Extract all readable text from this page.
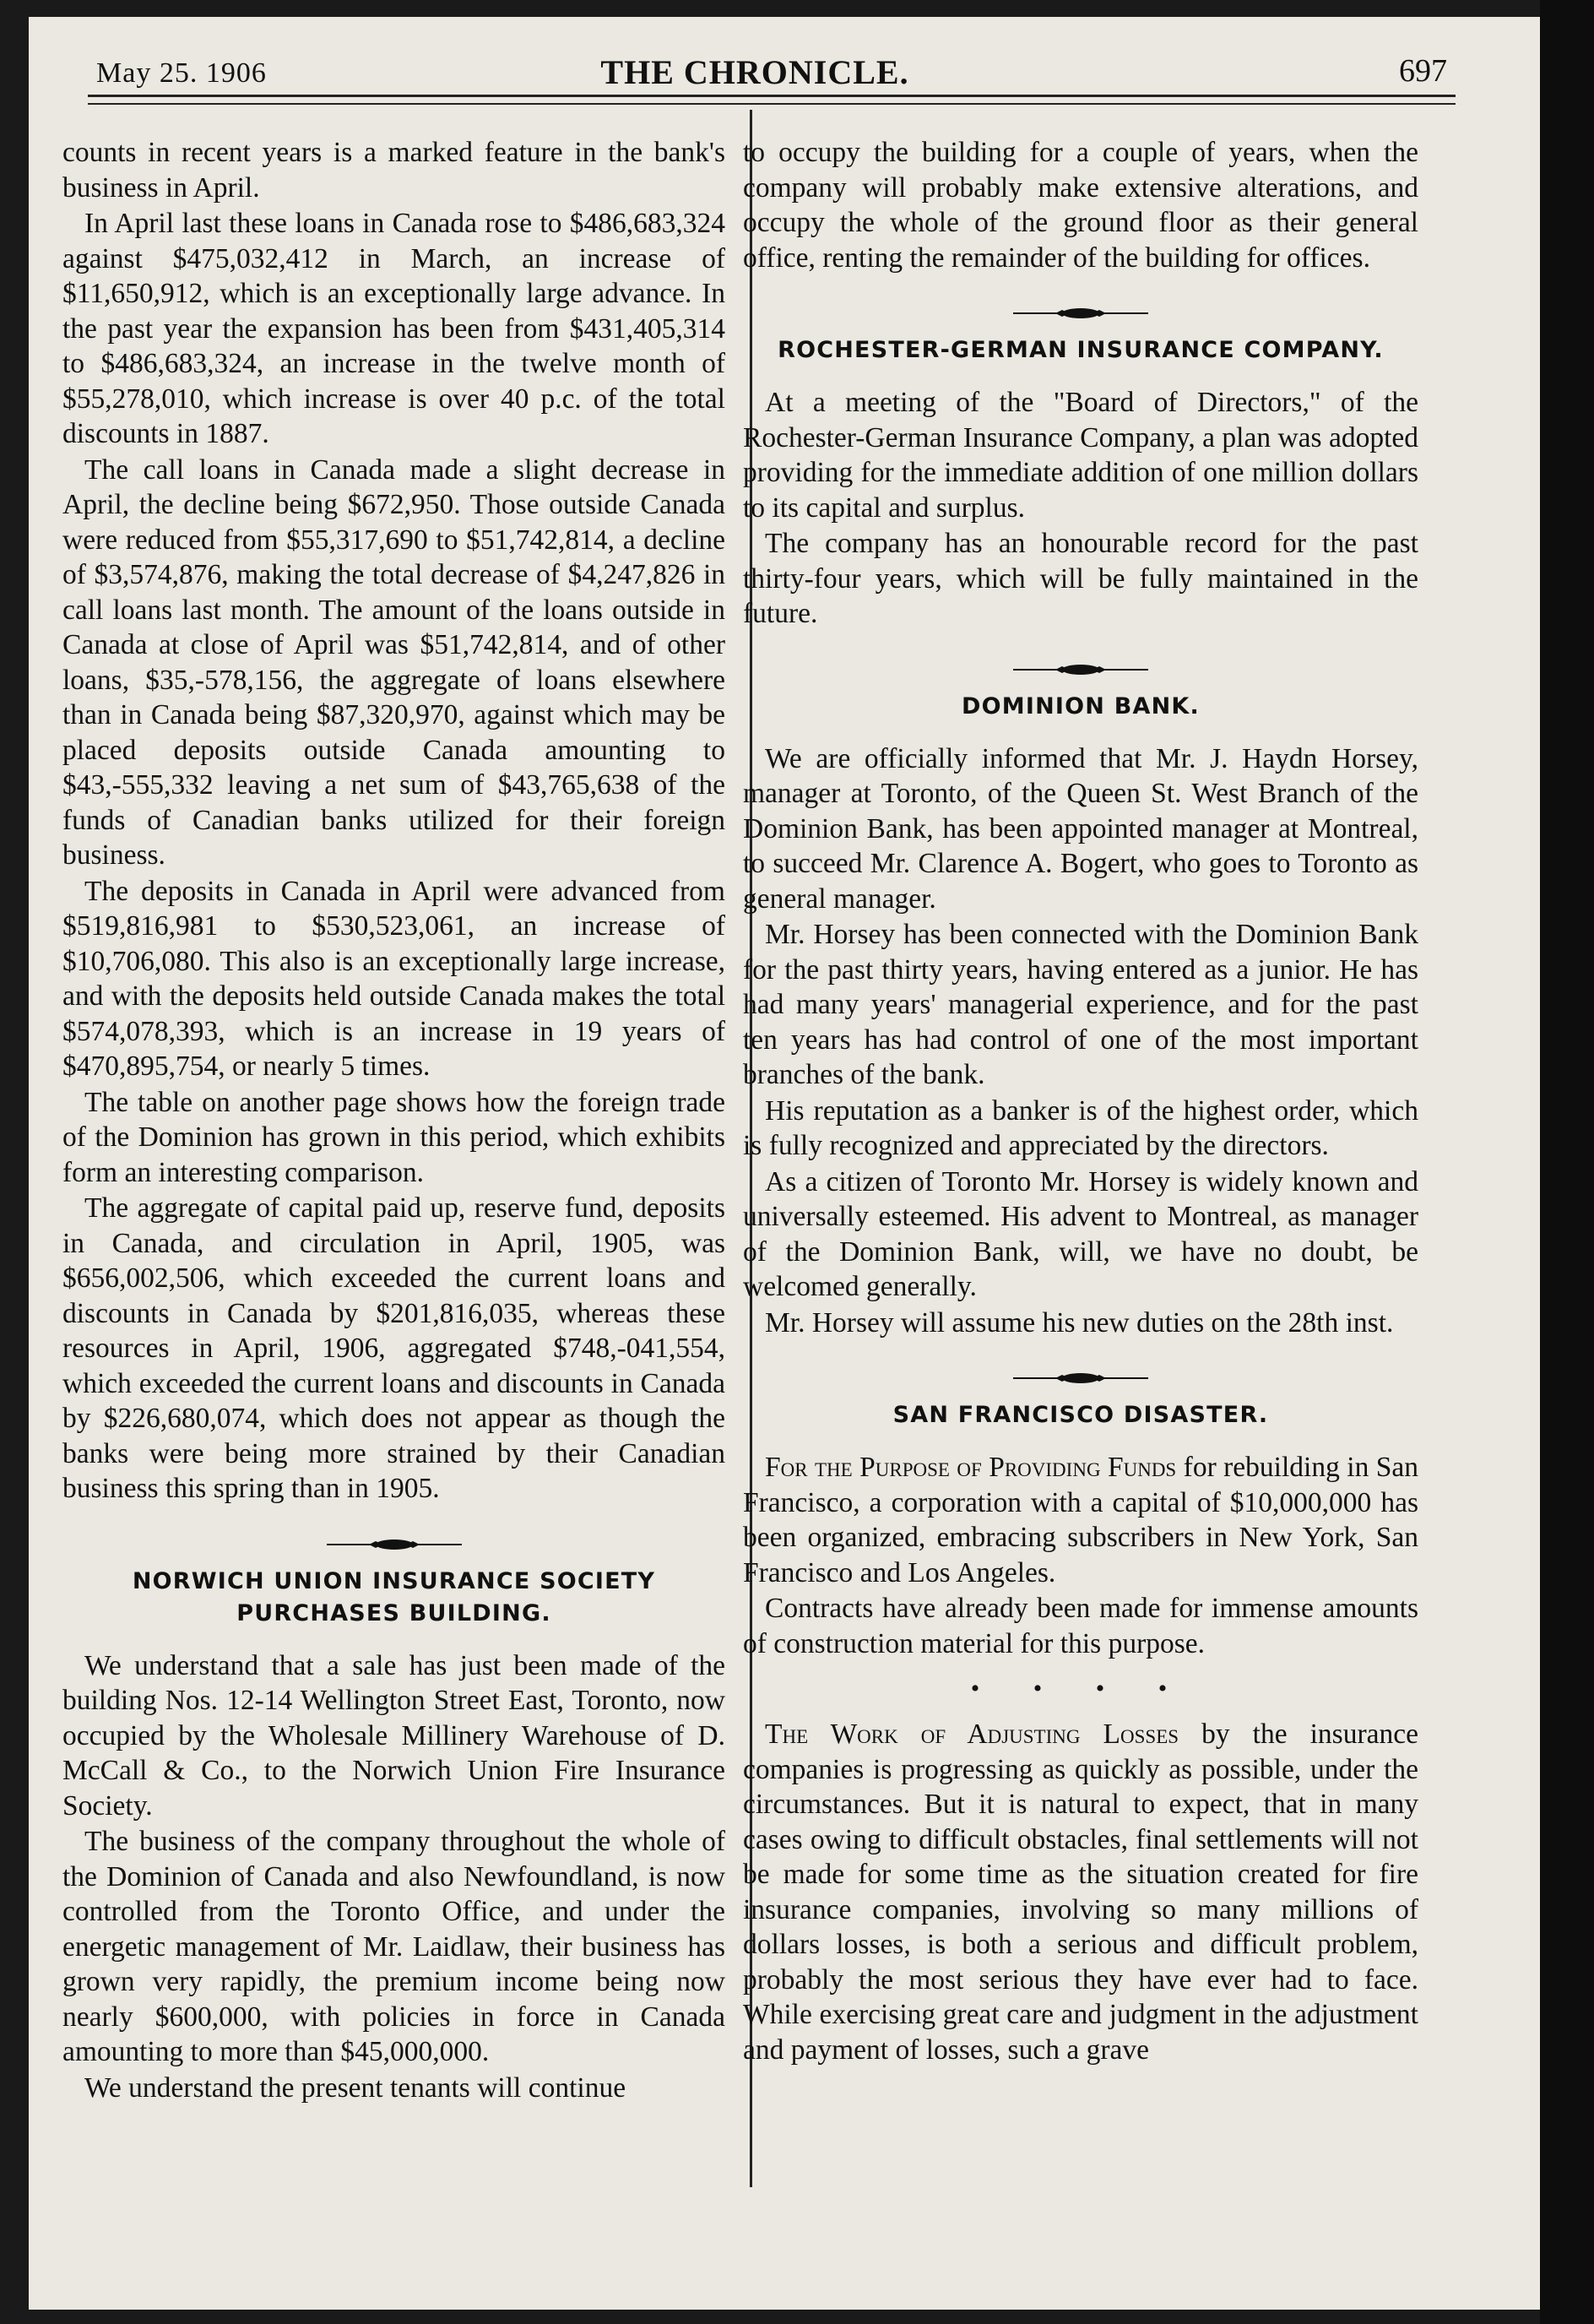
May 25. 1906	THE CHRONICLE.	697

counts in recent years is a marked feature in the bank's business in April.

In April last these loans in Canada rose to $486,683,324 against $475,032,412 in March, an increase of $11,650,912, which is an exceptionally large advance. In the past year the expansion has been from $431,405,314 to $486,683,324, an increase in the twelve month of $55,278,010, which increase is over 40 p.c. of the total discounts in 1887.

The call loans in Canada made a slight decrease in April, the decline being $672,950. Those outside Canada were reduced from $55,317,690 to $51,742,814, a decline of $3,574,876, making the total decrease of $4,247,826 in call loans last month. The amount of the loans outside in Canada at close of April was $51,742,814, and of other loans, $35,-578,156, the aggregate of loans elsewhere than in Canada being $87,320,970, against which may be placed deposits outside Canada amounting to $43,-555,332 leaving a net sum of $43,765,638 of the funds of Canadian banks utilized for their foreign business.

The deposits in Canada in April were advanced from $519,816,981 to $530,523,061, an increase of $10,706,080. This also is an exceptionally large increase, and with the deposits held outside Canada makes the total $574,078,393, which is an increase in 19 years of $470,895,754, or nearly 5 times.

The table on another page shows how the foreign trade of the Dominion has grown in this period, which exhibits form an interesting comparison.

The aggregate of capital paid up, reserve fund, deposits in Canada, and circulation in April, 1905, was $656,002,506, which exceeded the current loans and discounts in Canada by $201,816,035, whereas these resources in April, 1906, aggregated $748,-041,554, which exceeded the current loans and discounts in Canada by $226,680,074, which does not appear as though the banks were being more strained by their Canadian business this spring than in 1905.

NORWICH UNION INSURANCE SOCIETY PURCHASES BUILDING.

We understand that a sale has just been made of the building Nos. 12-14 Wellington Street East, Toronto, now occupied by the Wholesale Millinery Warehouse of D. McCall & Co., to the Norwich Union Fire Insurance Society.

The business of the company throughout the whole of the Dominion of Canada and also Newfoundland, is now controlled from the Toronto Office, and under the energetic management of Mr. Laidlaw, their business has grown very rapidly, the premium income being now nearly $600,000, with policies in force in Canada amounting to more than $45,000,000.

We understand the present tenants will continue

to occupy the building for a couple of years, when the company will probably make extensive alterations, and occupy the whole of the ground floor as their general office, renting the remainder of the building for offices.

ROCHESTER-GERMAN INSURANCE COMPANY.

At a meeting of the "Board of Directors," of the Rochester-German Insurance Company, a plan was adopted providing for the immediate addition of one million dollars to its capital and surplus.

The company has an honourable record for the past thirty-four years, which will be fully maintained in the future.

DOMINION BANK.

We are officially informed that Mr. J. Haydn Horsey, manager at Toronto, of the Queen St. West Branch of the Dominion Bank, has been appointed manager at Montreal, to succeed Mr. Clarence A. Bogert, who goes to Toronto as general manager.

Mr. Horsey has been connected with the Dominion Bank for the past thirty years, having entered as a junior. He has had many years' managerial experience, and for the past ten years has had control of one of the most important branches of the bank.

His reputation as a banker is of the highest order, which is fully recognized and appreciated by the directors.

As a citizen of Toronto Mr. Horsey is widely known and universally esteemed. His advent to Montreal, as manager of the Dominion Bank, will, we have no doubt, be welcomed generally.

Mr. Horsey will assume his new duties on the 28th inst.

SAN FRANCISCO DISASTER.

For the Purpose of Providing Funds for rebuilding in San Francisco, a corporation with a capital of $10,000,000 has been organized, embracing subscribers in New York, San Francisco and Los Angeles.

Contracts have already been made for immense amounts of construction material for this purpose.

• • • •

The Work of Adjusting Losses by the insurance companies is progressing as quickly as possible, under the circumstances. But it is natural to expect, that in many cases owing to difficult obstacles, final settlements will not be made for some time as the situation created for fire insurance companies, involving so many millions of dollars losses, is both a serious and difficult problem, probably the most serious they have ever had to face. While exercising great care and judgment in the adjustment and payment of losses, such a grave
